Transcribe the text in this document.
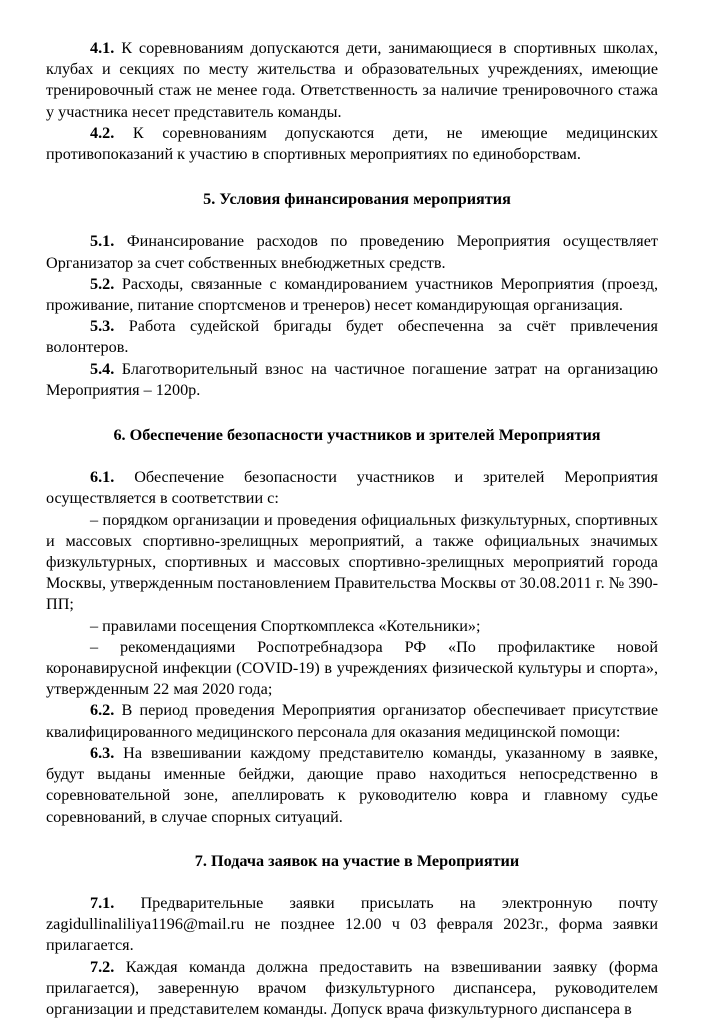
4.1. К соревнованиям допускаются дети, занимающиеся в спортивных школах, клубах и секциях по месту жительства и образовательных учреждениях, имеющие тренировочный стаж не менее года. Ответственность за наличие тренировочного стажа у участника несет представитель команды.

4.2. К соревнованиям допускаются дети, не имеющие медицинских противопоказаний к участию в спортивных мероприятиях по единоборствам.

5. Условия финансирования мероприятия

5.1. Финансирование расходов по проведению Мероприятия осуществляет Организатор за счет собственных внебюджетных средств.

5.2. Расходы, связанные с командированием участников Мероприятия (проезд, проживание, питание спортсменов и тренеров) несет командирующая организация.

5.3. Работа судейской бригады будет обеспеченна за счёт привлечения волонтеров.

5.4. Благотворительный взнос на частичное погашение затрат на организацию Мероприятия – 1200р.

6. Обеспечение безопасности участников и зрителей Мероприятия

6.1. Обеспечение безопасности участников и зрителей Мероприятия осуществляется в соответствии с:

– порядком организации и проведения официальных физкультурных, спортивных и массовых спортивно-зрелищных мероприятий, а также официальных значимых физкультурных, спортивных и массовых спортивно-зрелищных мероприятий города Москвы, утвержденным постановлением Правительства Москвы от 30.08.2011 г. № 390-ПП;

– правилами посещения Спорткомплекса «Котельники»;

– рекомендациями Роспотребнадзора РФ «По профилактике новой коронавирусной инфекции (COVID-19) в учреждениях физической культуры и спорта», утвержденным 22 мая 2020 года;

6.2. В период проведения Мероприятия организатор обеспечивает присутствие квалифицированного медицинского персонала для оказания медицинской помощи:

6.3. На взвешивании каждому представителю команды, указанному в заявке, будут выданы именные бейджи, дающие право находиться непосредственно в соревновательной зоне, апеллировать к руководителю ковра и главному судье соревнований, в случае спорных ситуаций.

7. Подача заявок на участие в Мероприятии

7.1. Предварительные заявки присылать на электронную почту zagidullinaliliya1196@mail.ru не позднее 12.00 ч 03 февраля 2023г., форма заявки прилагается.

7.2. Каждая команда должна предоставить на взвешивании заявку (форма прилагается), заверенную врачом физкультурного диспансера, руководителем организации и представителем команды. Допуск врача физкультурного диспансера в
